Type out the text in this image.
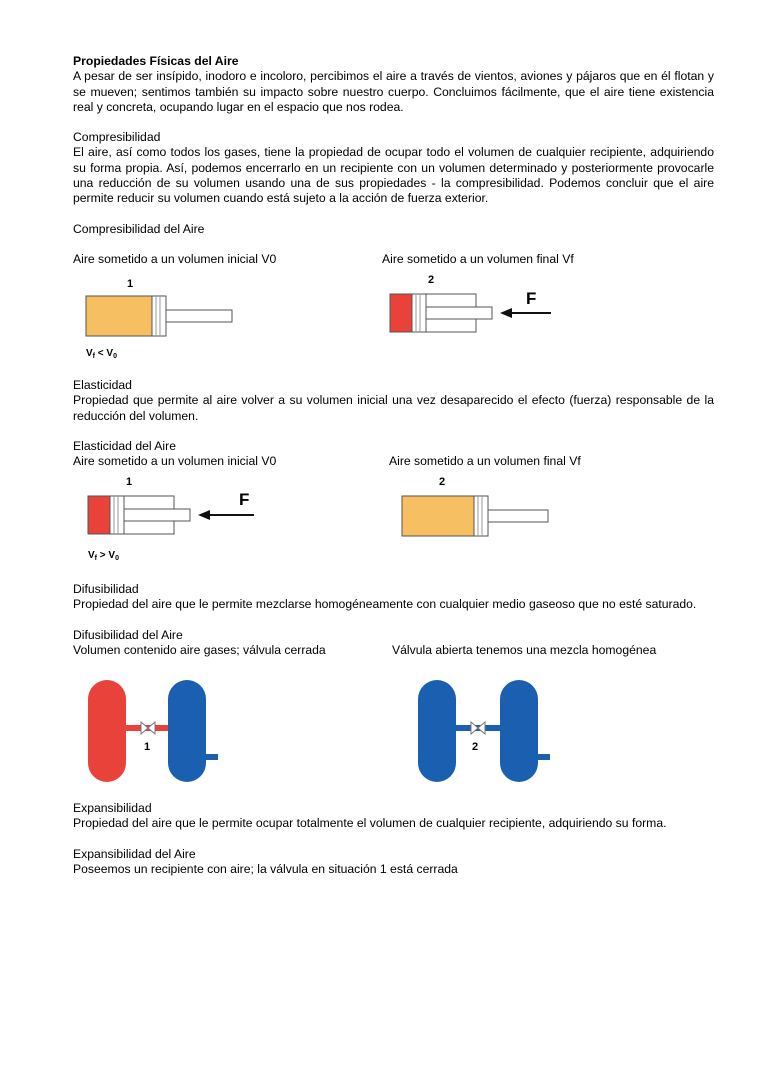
Propiedades Físicas del Aire
A pesar de ser insípido, inodoro e incoloro, percibimos el aire a través de vientos, aviones y pájaros que en él flotan y se mueven; sentimos también su impacto sobre nuestro cuerpo. Concluimos fácilmente, que el aire tiene existencia real y concreta, ocupando lugar en el espacio que nos rodea.
Compresibilidad
El aire, así como todos los gases, tiene la propiedad de ocupar todo el volumen de cualquier recipiente, adquiriendo su forma propia. Así, podemos encerrarlo en un recipiente con un volumen determinado y posteriormente provocarle una reducción de su volumen usando una de sus propiedades - la compresibilidad. Podemos concluir que el aire permite reducir su volumen cuando está sujeto a la acción de fuerza exterior.
Compresibilidad del Aire
Aire sometido a un volumen inicial V0	Aire sometido a un volumen final Vf
1
$V_f < V_0$
2
F
Elasticidad
Propiedad que permite al aire volver a su volumen inicial una vez desaparecido el efecto (fuerza) responsable de la reducción del volumen.
Elasticidad del Aire
Aire sometido a un volumen inicial V0	Aire sometido a un volumen final Vf
1
F
$V_f > V_0$
2
Difusibilidad
Propiedad del aire que le permite mezclarse homogéneamente con cualquier medio gaseoso que no esté saturado.
Difusibilidad del Aire
Volumen contenido aire gases; válvula cerrada	Válvula abierta tenemos una mezcla homogénea
1	2
Expansibilidad
Propiedad del aire que le permite ocupar totalmente el volumen de cualquier recipiente, adquiriendo su forma.
Expansibilidad del Aire
Poseemos un recipiente con aire; la válvula en situación 1 está cerrada
